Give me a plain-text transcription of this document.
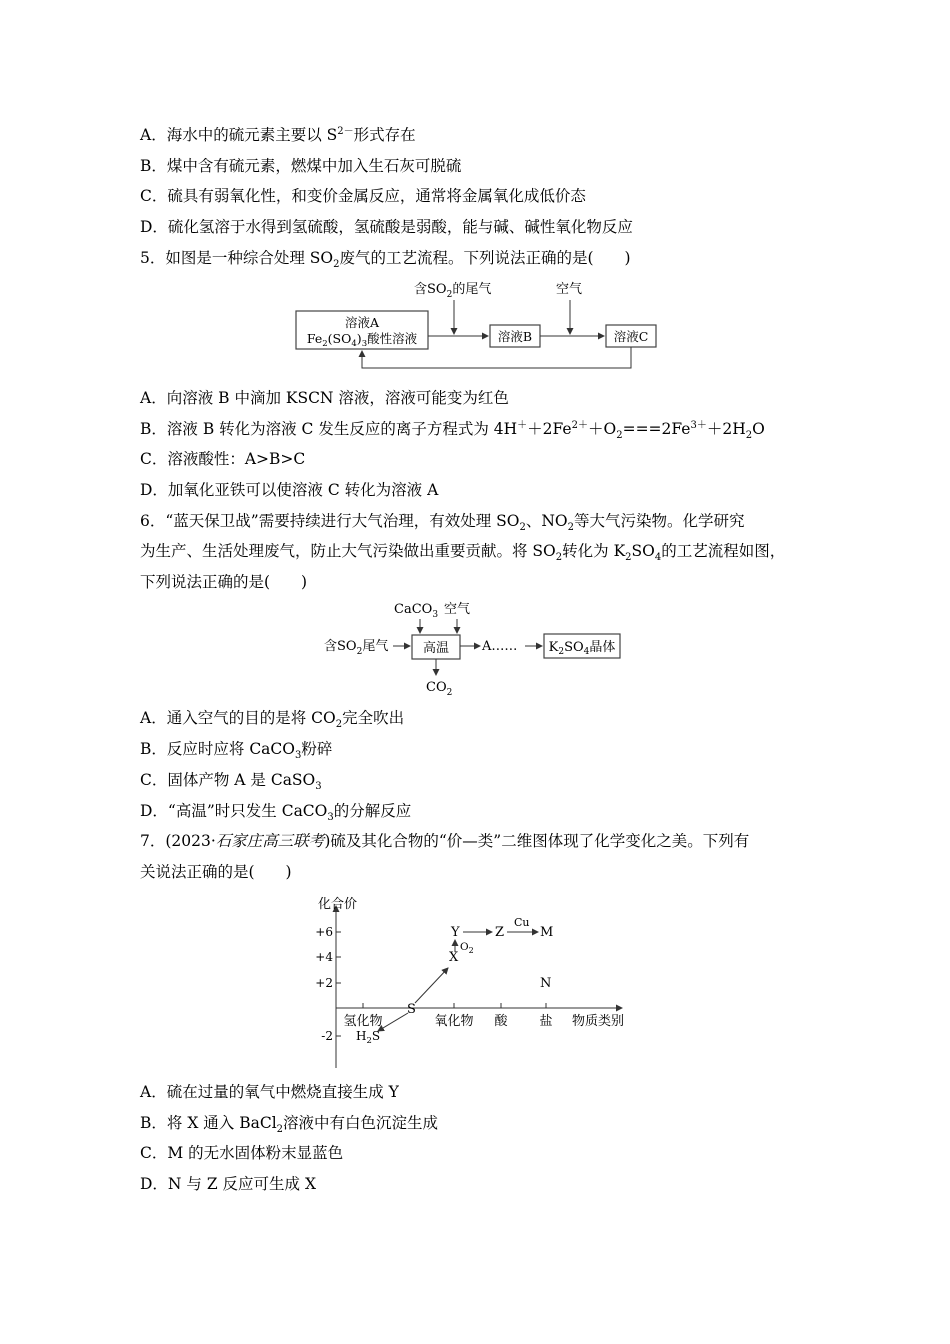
A．海水中的硫元素主要以 $S^{2-}$形式存在
B．煤中含有硫元素，燃煤中加入生石灰可脱硫
C．硫具有弱氧化性，和变价金属反应，通常将金属氧化成低价态
D．硫化氢溶于水得到氢硫酸，氢硫酸是弱酸，能与碱、碱性氧化物反应
5．如图是一种综合处理 $SO_2$废气的工艺流程。下列说法正确的是(　　)
含$SO_2$的尾气	空气
溶液A
$Fe_2(SO_4)_3$酸性溶液	溶液B	溶液C
A．向溶液 B 中滴加 KSCN 溶液，溶液可能变为红色
B．溶液 B 转化为溶液 C 发生反应的离子方程式为 $4H^++2Fe^{2+}+O_2===2Fe^{3+}+2H_2O$
C．溶液酸性：A>B>C
D．加氧化亚铁可以使溶液 C 转化为溶液 A
6．“蓝天保卫战”需要持续进行大气治理，有效处理 $SO_2$、$NO_2$等大气污染物。化学研究
为生产、生活处理废气，防止大气污染做出重要贡献。将 $SO_2$转化为 $K_2SO_4$的工艺流程如图，
下列说法正确的是(　　)
CaCO$_3$ 空气
含$SO_2$尾气	高温	A…… $K_2SO_4$晶体
$CO_2$
A．通入空气的目的是将 $CO_2$完全吹出
B．反应时应将 CaCO$_3$粉碎
C．固体产物 A 是 CaSO$_3$
D．“高温”时只发生 CaCO$_3$的分解反应
7．(2023·石家庄高三联考)硫及其化合物的“价—类”二维图体现了化学变化之美。下列有
关说法正确的是(　　)
化合价
+6
+4
+2
-2
氢化物	氧化物 酸 盐 物质类别
S
X
Y	Z	M
N
$H_2S$
$O_2$
Cu
A．硫在过量的氧气中燃烧直接生成 Y
B．将 X 通入 BaCl$_2$溶液中有白色沉淀生成
C．M 的无水固体粉末显蓝色
D．N 与 Z 反应可生成 X
